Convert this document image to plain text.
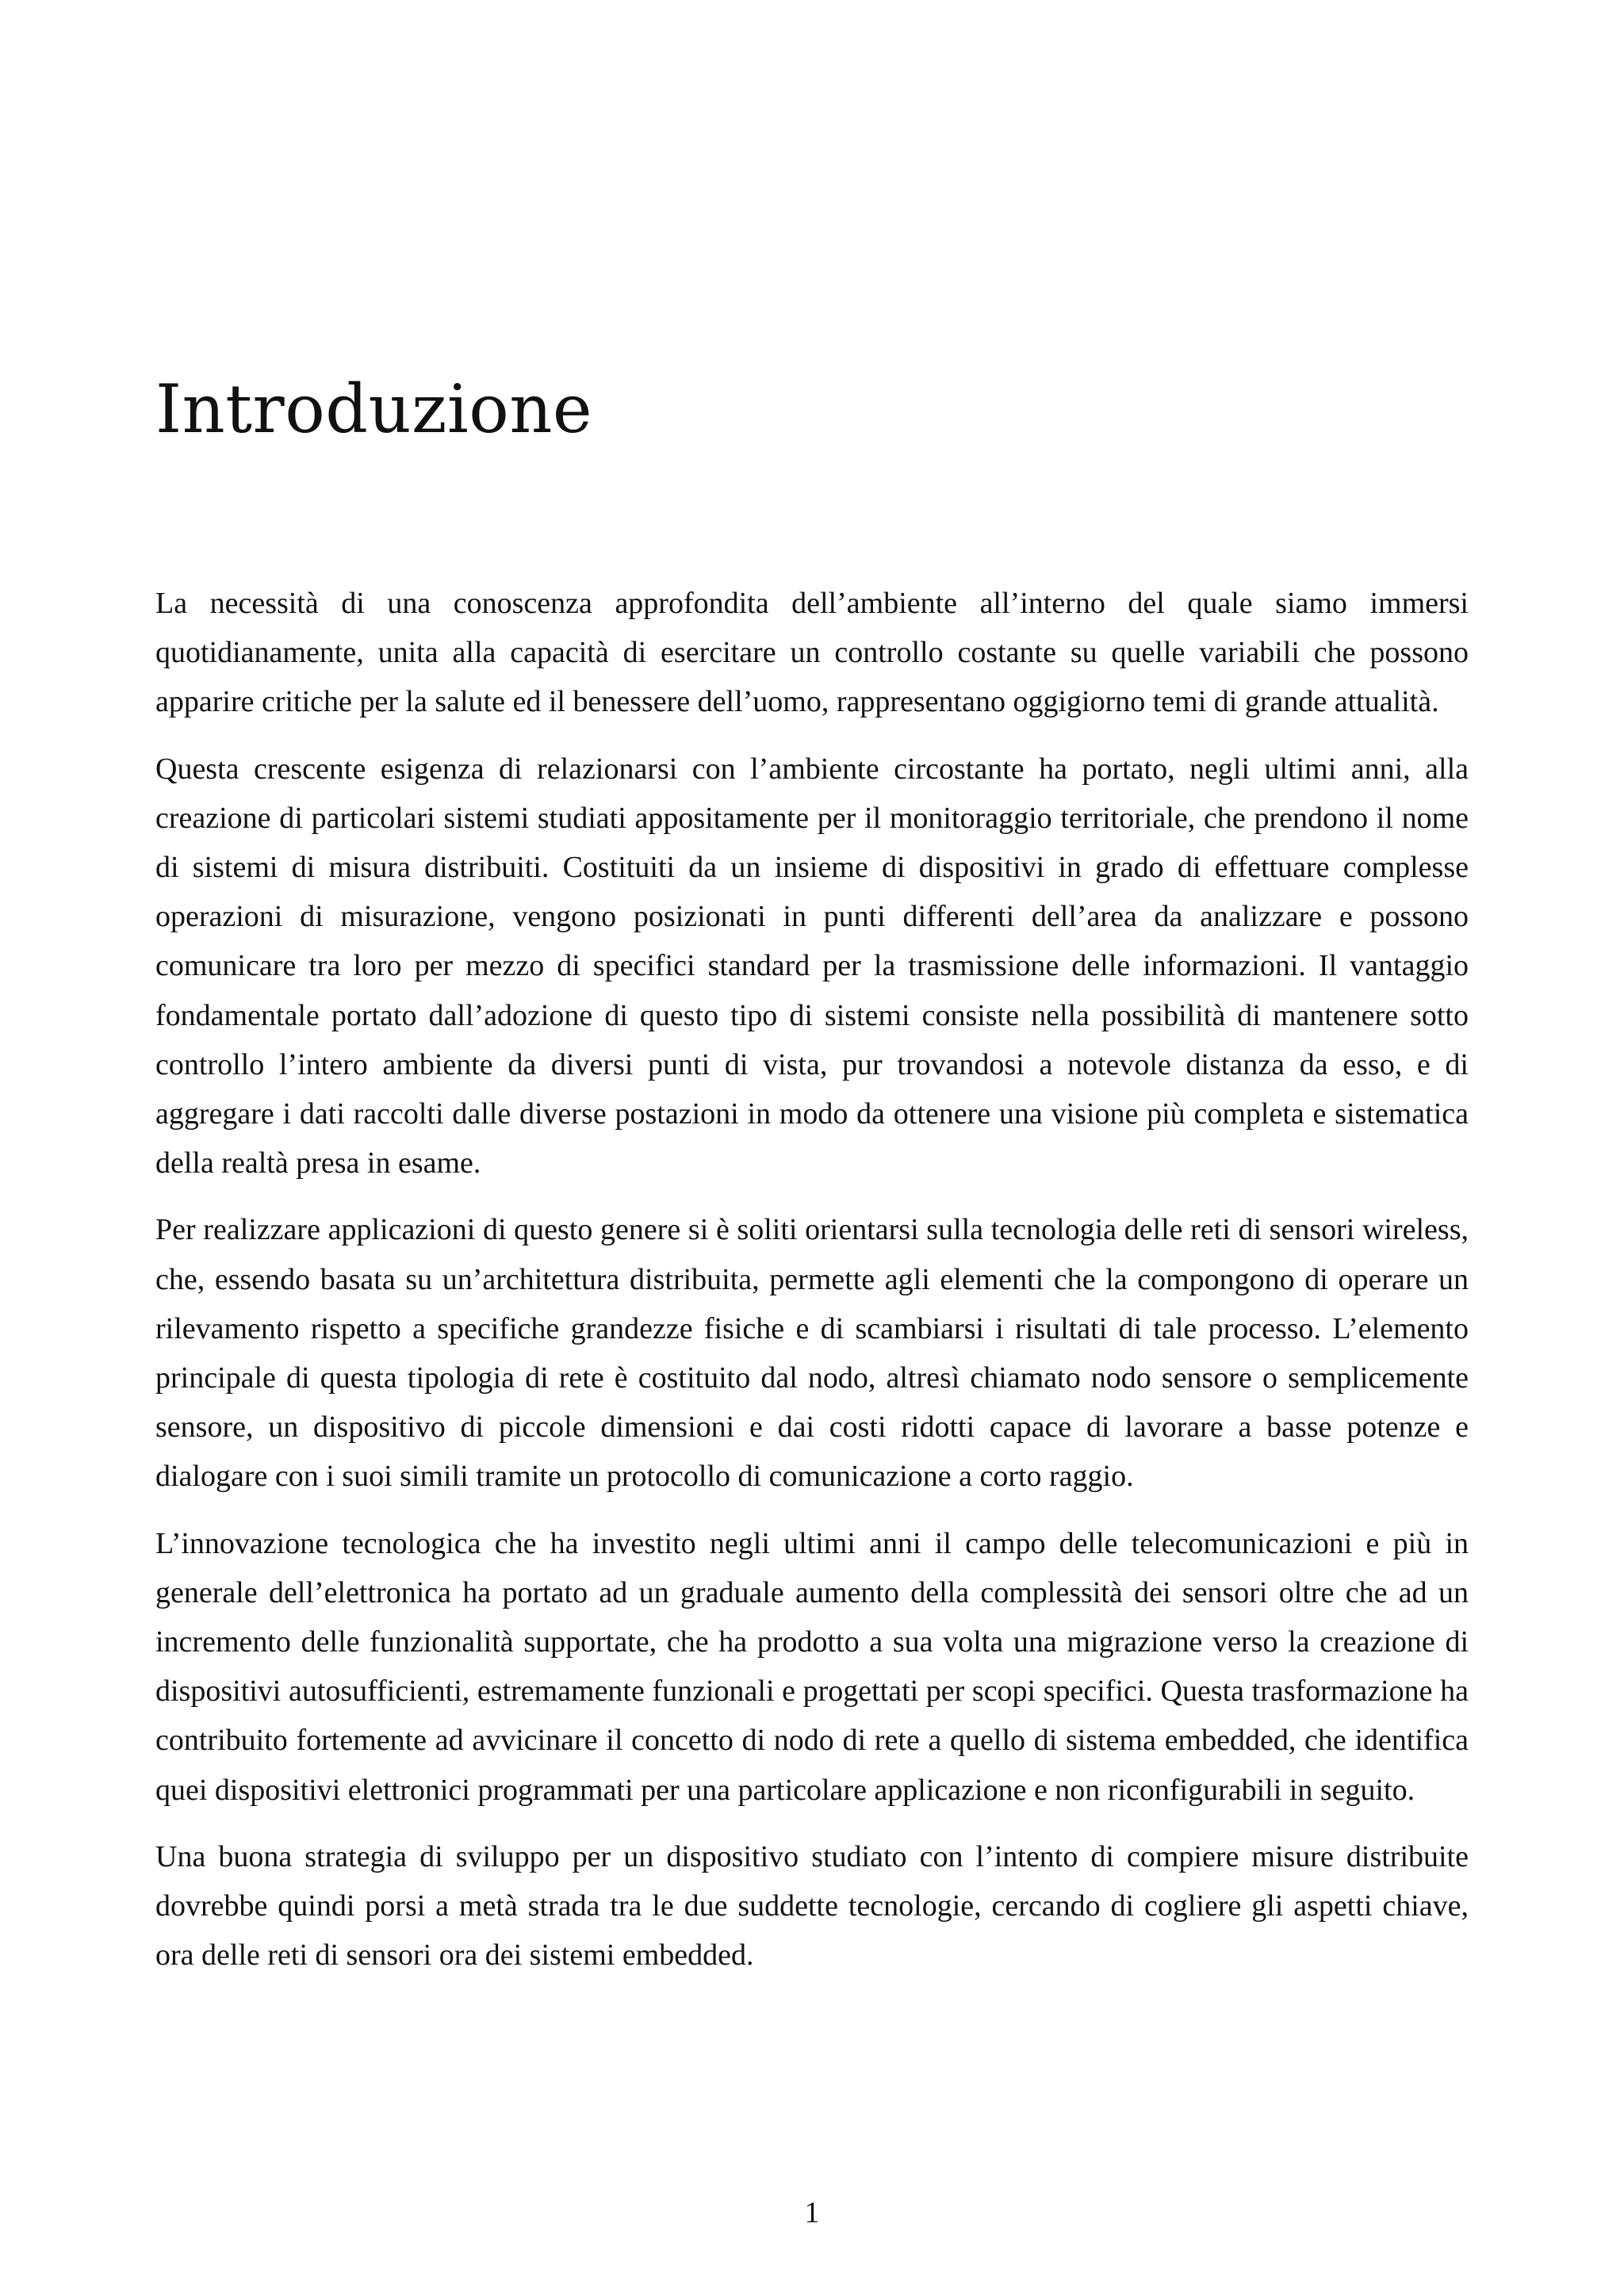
Introduzione

La necessità di una conoscenza approfondita dell’ambiente all’interno del quale siamo immersi quotidianamente, unita alla capacità di esercitare un controllo costante su quelle variabili che possono apparire critiche per la salute ed il benessere dell’uomo, rappresentano oggigiorno temi di grande attualità.

Questa crescente esigenza di relazionarsi con l’ambiente circostante ha portato, negli ultimi anni, alla creazione di particolari sistemi studiati appositamente per il monitoraggio territoriale, che prendono il nome di sistemi di misura distribuiti. Costituiti da un insieme di dispositivi in grado di effettuare complesse operazioni di misurazione, vengono posizionati in punti differenti dell’area da analizzare e possono comunicare tra loro per mezzo di specifici standard per la trasmissione delle informazioni. Il vantaggio fondamentale portato dall’adozione di questo tipo di sistemi consiste nella possibilità di mantenere sotto controllo l’intero ambiente da diversi punti di vista, pur trovandosi a notevole distanza da esso, e di aggregare i dati raccolti dalle diverse postazioni in modo da ottenere una visione più completa e sistematica della realtà presa in esame.

Per realizzare applicazioni di questo genere si è soliti orientarsi sulla tecnologia delle reti di sensori wireless, che, essendo basata su un’architettura distribuita, permette agli elementi che la compongono di operare un rilevamento rispetto a specifiche grandezze fisiche e di scambiarsi i risultati di tale processo. L’elemento principale di questa tipologia di rete è costituito dal nodo, altresì chiamato nodo sensore o semplicemente sensore, un dispositivo di piccole dimensioni e dai costi ridotti capace di lavorare a basse potenze e dialogare con i suoi simili tramite un protocollo di comunicazione a corto raggio.

L’innovazione tecnologica che ha investito negli ultimi anni il campo delle telecomunicazioni e più in generale dell’elettronica ha portato ad un graduale aumento della complessità dei sensori oltre che ad un incremento delle funzionalità supportate, che ha prodotto a sua volta una migrazione verso la creazione di dispositivi autosufficienti, estremamente funzionali e progettati per scopi specifici. Questa trasformazione ha contribuito fortemente ad avvicinare il concetto di nodo di rete a quello di sistema embedded, che identifica quei dispositivi elettronici programmati per una particolare applicazione e non riconfigurabili in seguito.

Una buona strategia di sviluppo per un dispositivo studiato con l’intento di compiere misure distribuite dovrebbe quindi porsi a metà strada tra le due suddette tecnologie, cercando di cogliere gli aspetti chiave, ora delle reti di sensori ora dei sistemi embedded.

1
